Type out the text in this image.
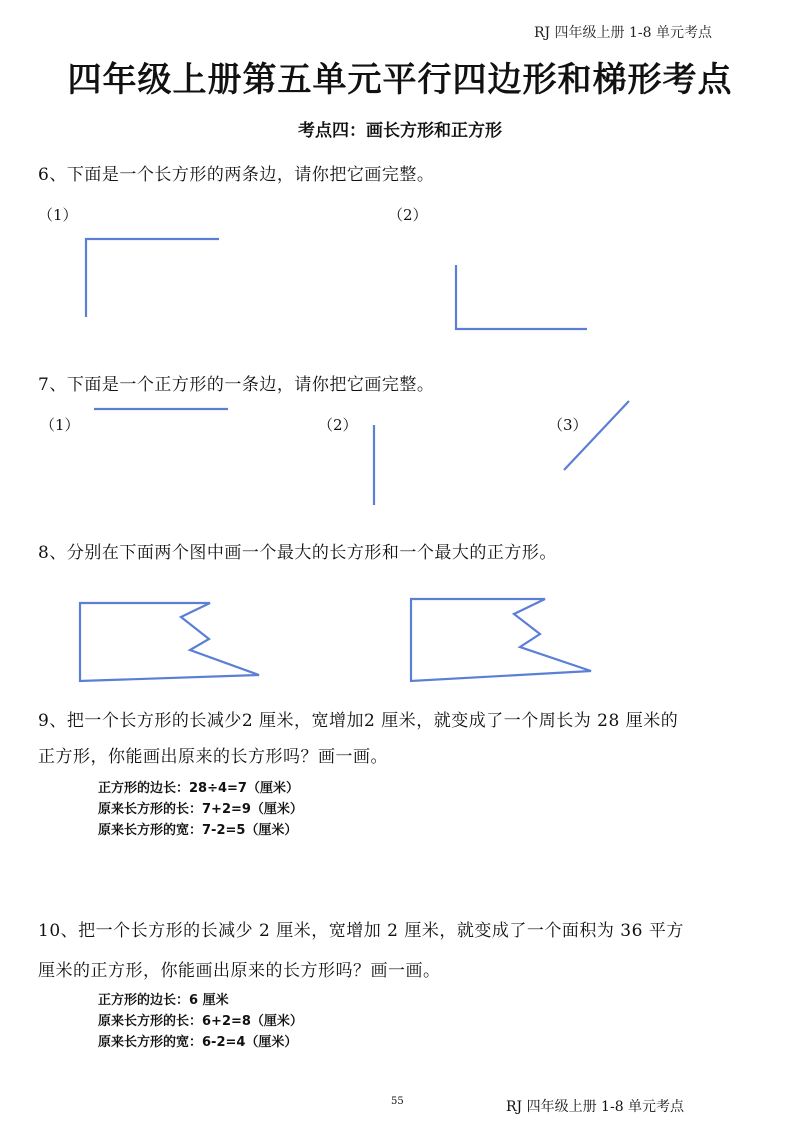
RJ 四年级上册 1-8 单元考点
四年级上册第五单元平行四边形和梯形考点
考点四：画长方形和正方形
6、下面是一个长方形的两条边，请你把它画完整。
（1）	（2）
7、下面是一个正方形的一条边，请你把它画完整。
（1）	（2）	（3）
8、分别在下面两个图中画一个最大的长方形和一个最大的正方形。
9、把一个长方形的长减少2 厘米，宽增加2 厘米，就变成了一个周长为 28 厘米的
正方形，你能画出原来的长方形吗？画一画。
正方形的边长：28÷4=7（厘米）
原来长方形的长：7+2=9（厘米）
原来长方形的宽：7-2=5（厘米）
10、把一个长方形的长减少 2 厘米，宽增加 2 厘米，就变成了一个面积为 36 平方
厘米的正方形，你能画出原来的长方形吗？画一画。
正方形的边长：6 厘米
原来长方形的长：6+2=8（厘米）
原来长方形的宽：6-2=4（厘米）
55	RJ 四年级上册 1-8 单元考点
